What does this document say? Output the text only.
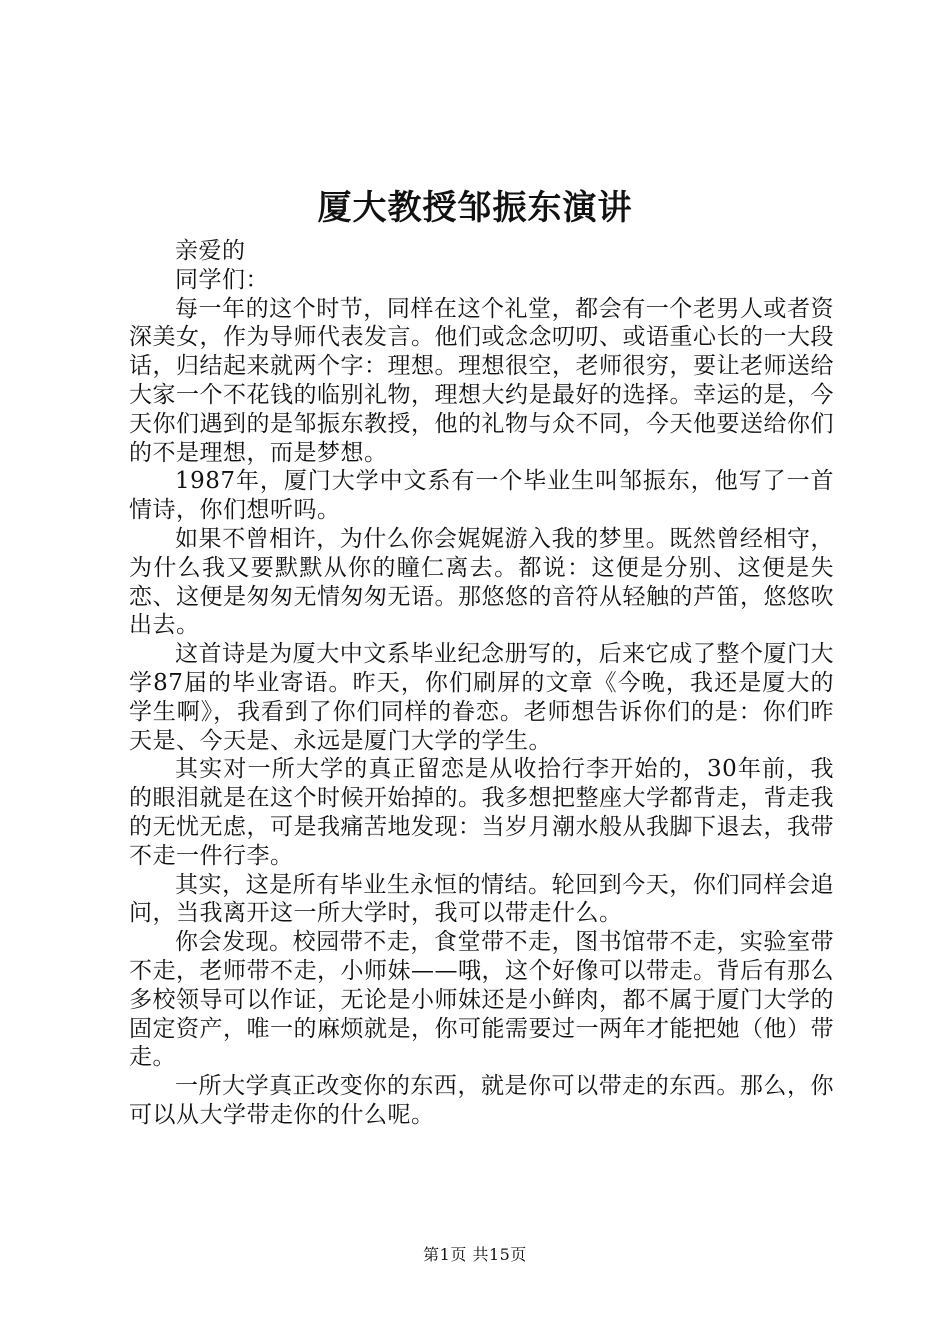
厦大教授邹振东演讲

亲爱的

同学们：

每一年的这个时节，同样在这个礼堂，都会有一个老男人或者资深美女，作为导师代表发言。他们或念念叨叨、或语重心长的一大段话，归结起来就两个字：理想。理想很空，老师很穷，要让老师送给大家一个不花钱的临别礼物，理想大约是最好的选择。幸运的是，今天你们遇到的是邹振东教授，他的礼物与众不同，今天他要送给你们的不是理想，而是梦想。

1987年，厦门大学中文系有一个毕业生叫邹振东，他写了一首情诗，你们想听吗。

如果不曾相许，为什么你会娓娓游入我的梦里。既然曾经相守，为什么我又要默默从你的瞳仁离去。都说：这便是分别、这便是失恋、这便是匆匆无情匆匆无语。那悠悠的音符从轻触的芦笛，悠悠吹出去。

这首诗是为厦大中文系毕业纪念册写的，后来它成了整个厦门大学87届的毕业寄语。昨天，你们刷屏的文章《今晚，我还是厦大的学生啊》，我看到了你们同样的眷恋。老师想告诉你们的是：你们昨天是、今天是、永远是厦门大学的学生。

其实对一所大学的真正留恋是从收拾行李开始的，30年前，我的眼泪就是在这个时候开始掉的。我多想把整座大学都背走，背走我的无忧无虑，可是我痛苦地发现：当岁月潮水般从我脚下退去，我带不走一件行李。

其实，这是所有毕业生永恒的情结。轮回到今天，你们同样会追问，当我离开这一所大学时，我可以带走什么。

你会发现。校园带不走，食堂带不走，图书馆带不走，实验室带不走，老师带不走，小师妹——哦，这个好像可以带走。背后有那么多校领导可以作证，无论是小师妹还是小鲜肉，都不属于厦门大学的固定资产，唯一的麻烦就是，你可能需要过一两年才能把她（他）带走。

一所大学真正改变你的东西，就是你可以带走的东西。那么，你可以从大学带走你的什么呢。

第1页 共15页
